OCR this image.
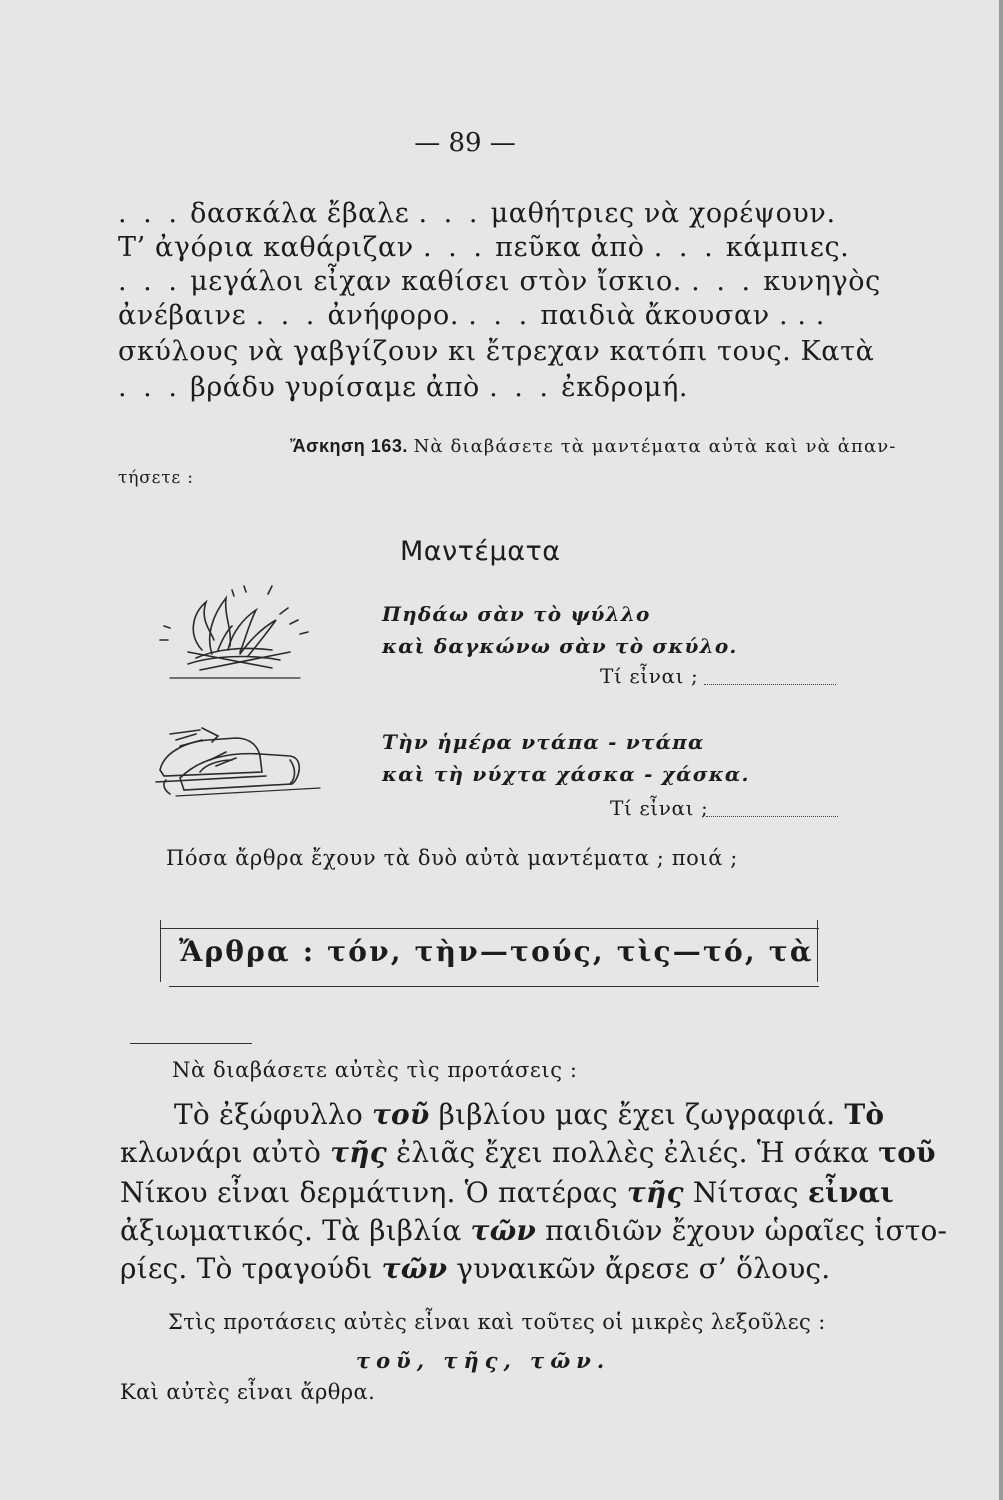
— 89 —
. . . δασκάλα ἔβαλε . . . μαθήτριες νὰ χορέψουν.
Τ’ ἀγόρια καθάριζαν . . . πεῦκα ἀπὸ . . . κάμπιες.
. . . μεγάλοι εἶχαν καθίσει στὸν ἴσκιο. . . . κυνηγὸς
ἀνέβαινε . . . ἀνήφορο. . . . παιδιὰ ἄκουσαν . . .
σκύλους νὰ γαβγίζουν κι ἔτρεχαν κατόπι τους. Κατὰ
. . . βράδυ γυρίσαμε ἀπὸ . . . ἐκδρομή.
Ἄσκηση 163. Νὰ διαβάσετε τὰ μαντέματα αὐτὰ καὶ νὰ ἀπαν-
τήσετε :
Μαντέματα
Πηδάω σὰν τὸ ψύλλο
καὶ δαγκώνω σὰν τὸ σκύλο.
Τί εἶναι ;
Τὴν ἡμέρα ντάπα - ντάπα
καὶ τὴ νύχτα χάσκα - χάσκα.
Τί εἶναι ;
Πόσα ἄρθρα ἔχουν τὰ δυὸ αὐτὰ μαντέματα ; ποιά ;
Ἄρθρα : τόν, τὴν—τούς, τὶς—τό, τὰ
Νὰ διαβάσετε αὐτὲς τὶς προτάσεις :
Τὸ ἐξώφυλλο τοῦ βιβλίου μας ἔχει ζωγραφιά. Τὸ
κλωνάρι αὐτὸ τῆς ἐλιᾶς ἔχει πολλὲς ἐλιές. Ἡ σάκα τοῦ
Νίκου εἶναι δερμάτινη. Ὁ πατέρας τῆς Νίτσας εἶναι
ἀξιωματικός. Τὰ βιβλία τῶν παιδιῶν ἔχουν ὡραῖες ἱστο-
ρίες. Τὸ τραγούδι τῶν γυναικῶν ἄρεσε σ’ ὅλους.
Στὶς προτάσεις αὐτὲς εἶναι καὶ τοῦτες οἱ μικρὲς λεξοῦλες :
τοῦ, τῆς, τῶν.
Καὶ αὐτὲς εἶναι ἄρθρα.
